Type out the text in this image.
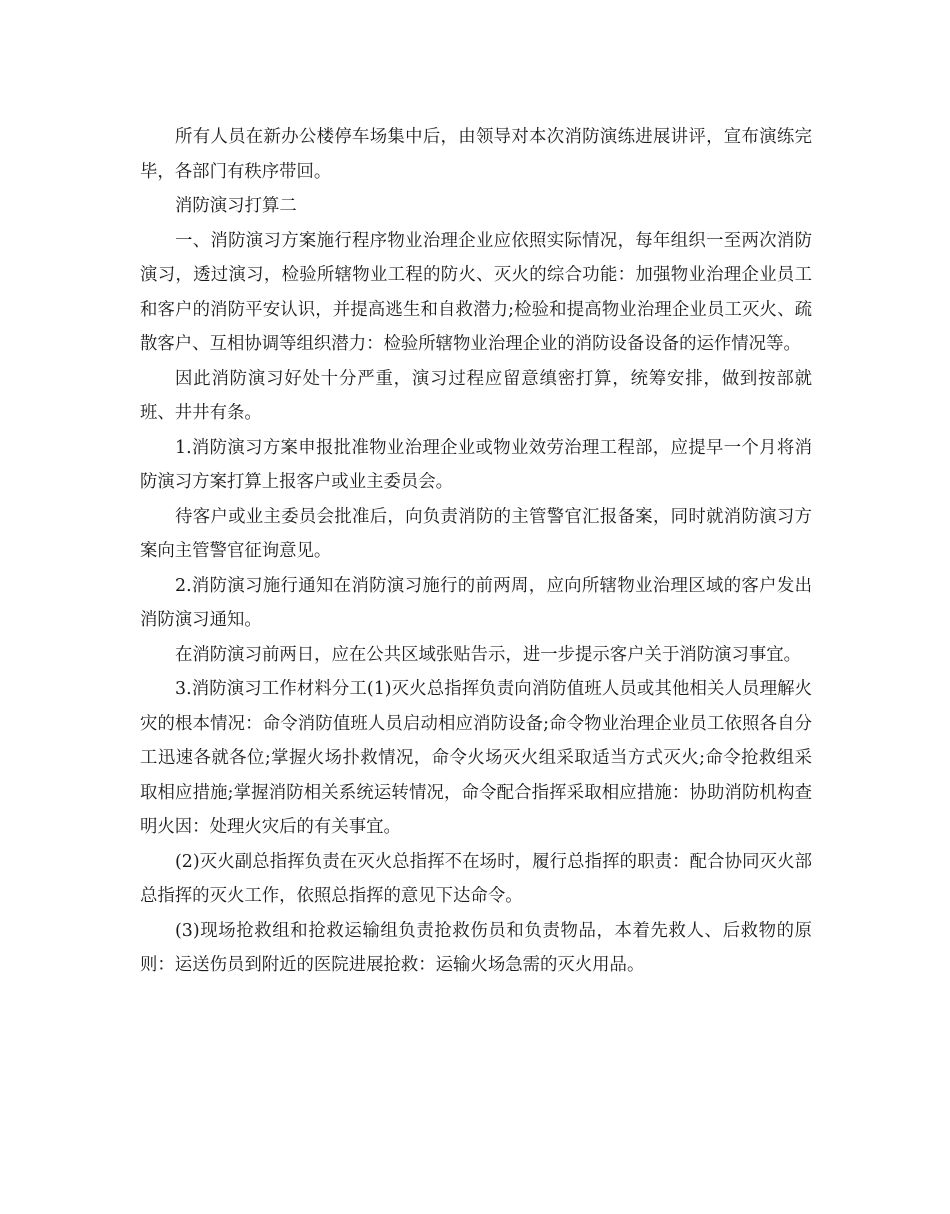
所有人员在新办公楼停车场集中后，由领导对本次消防演练进展讲评，宣布演练完毕，各部门有秩序带回。

消防演习打算二

一、消防演习方案施行程序物业治理企业应依照实际情况，每年组织一至两次消防演习，透过演习，检验所辖物业工程的防火、灭火的综合功能：加强物业治理企业员工和客户的消防平安认识，并提高逃生和自救潜力;检验和提高物业治理企业员工灭火、疏散客户、互相协调等组织潜力：检验所辖物业治理企业的消防设备设备的运作情况等。

因此消防演习好处十分严重，演习过程应留意缜密打算，统筹安排，做到按部就班、井井有条。

1.消防演习方案申报批准物业治理企业或物业效劳治理工程部，应提早一个月将消防演习方案打算上报客户或业主委员会。

待客户或业主委员会批准后，向负责消防的主管警官汇报备案，同时就消防演习方案向主管警官征询意见。

2.消防演习施行通知在消防演习施行的前两周，应向所辖物业治理区域的客户发出消防演习通知。

在消防演习前两日，应在公共区域张贴告示，进一步提示客户关于消防演习事宜。

3.消防演习工作材料分工(1)灭火总指挥负责向消防值班人员或其他相关人员理解火灾的根本情况：命令消防值班人员启动相应消防设备;命令物业治理企业员工依照各自分工迅速各就各位;掌握火场扑救情况，命令火场灭火组采取适当方式灭火;命令抢救组采取相应措施;掌握消防相关系统运转情况，命令配合指挥采取相应措施：协助消防机构查明火因：处理火灾后的有关事宜。

(2)灭火副总指挥负责在灭火总指挥不在场时，履行总指挥的职责：配合协同灭火部总指挥的灭火工作，依照总指挥的意见下达命令。

(3)现场抢救组和抢救运输组负责抢救伤员和负责物品，本着先救人、后救物的原则：运送伤员到附近的医院进展抢救：运输火场急需的灭火用品。
